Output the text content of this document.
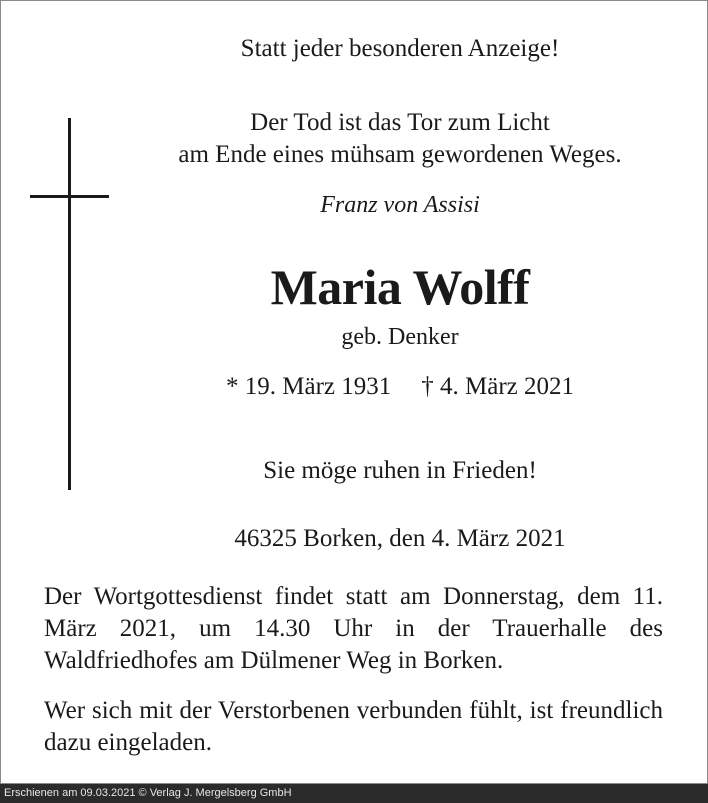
Statt jeder besonderen Anzeige!
Der Tod ist das Tor zum Licht
am Ende eines mühsam gewordenen Weges.
Franz von Assisi
Maria Wolff
geb. Denker
* 19. März 1931 † 4. März 2021
Sie möge ruhen in Frieden!
46325 Borken, den 4. März 2021
Der Wortgottesdienst findet statt am Donnerstag, dem 11. März 2021, um 14.30 Uhr in der Trauerhalle des Waldfriedhofes am Dülmener Weg in Borken.
Wer sich mit der Verstorbenen verbunden fühlt, ist freundlich dazu eingeladen.
Erschienen am 09.03.2021 © Verlag J. Mergelsberg GmbH
